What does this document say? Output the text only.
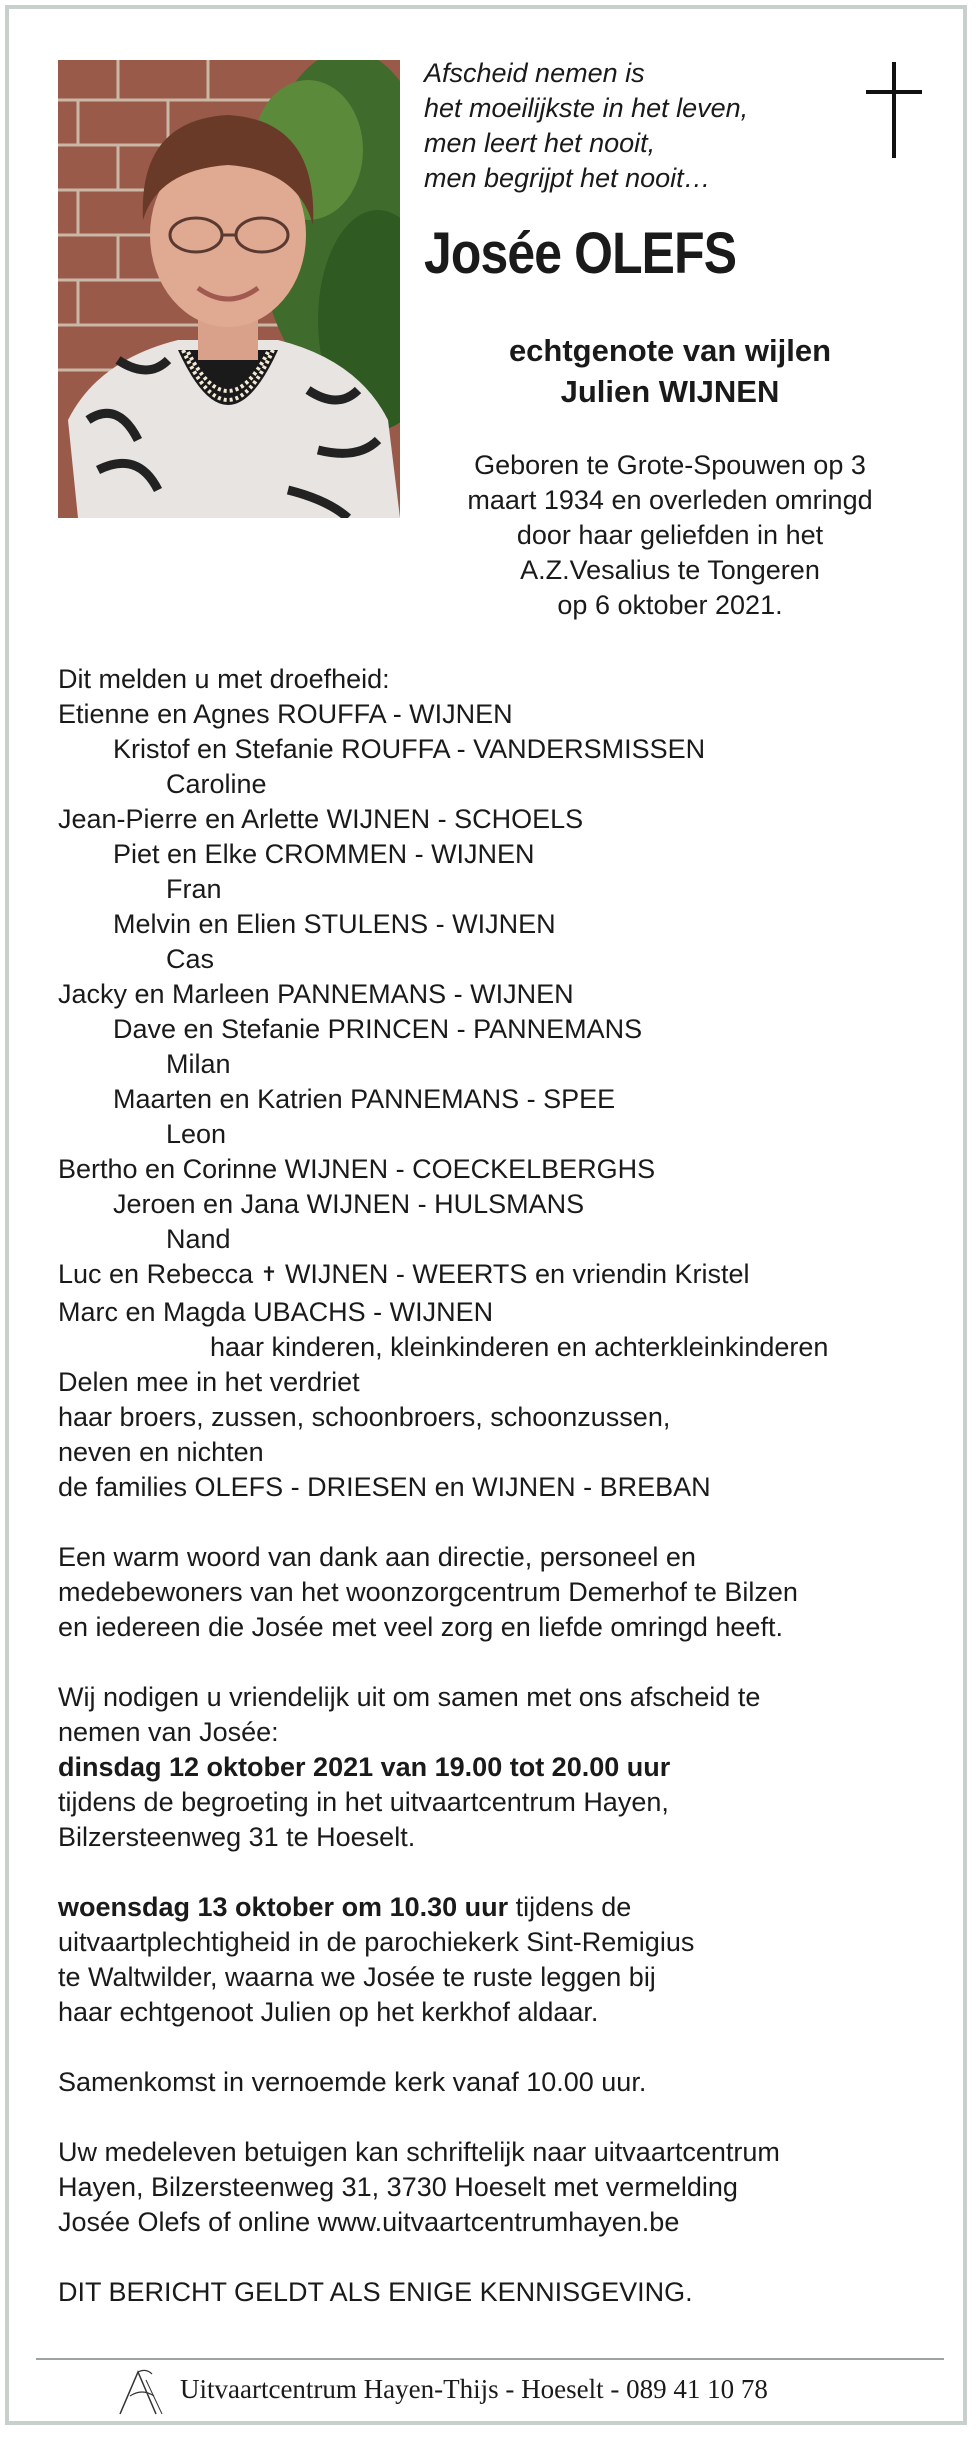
Afscheid nemen is
het moeilijkste in het leven,
men leert het nooit,
men begrijpt het nooit…
Josée OLEFS
echtgenote van wijlen
Julien WIJNEN
Geboren te Grote-Spouwen op 3
maart 1934 en overleden omringd
door haar geliefden in het
A.Z.Vesalius te Tongeren
op 6 oktober 2021.
Dit melden u met droefheid:
Etienne en Agnes ROUFFA - WIJNEN
Kristof en Stefanie ROUFFA - VANDERSMISSEN
Caroline
Jean-Pierre en Arlette WIJNEN - SCHOELS
Piet en Elke CROMMEN - WIJNEN
Fran
Melvin en Elien STULENS - WIJNEN
Cas
Jacky en Marleen PANNEMANS - WIJNEN
Dave en Stefanie PRINCEN - PANNEMANS
Milan
Maarten en Katrien PANNEMANS - SPEE
Leon
Bertho en Corinne WIJNEN - COECKELBERGHS
Jeroen en Jana WIJNEN - HULSMANS
Nand
Luc en Rebecca ✝ WIJNEN - WEERTS en vriendin Kristel
Marc en Magda UBACHS - WIJNEN
haar kinderen, kleinkinderen en achterkleinkinderen
Delen mee in het verdriet
haar broers, zussen, schoonbroers, schoonzussen,
neven en nichten
de families OLEFS - DRIESEN en WIJNEN - BREBAN
Een warm woord van dank aan directie, personeel en
medebewoners van het woonzorgcentrum Demerhof te Bilzen
en iedereen die Josée met veel zorg en liefde omringd heeft.
Wij nodigen u vriendelijk uit om samen met ons afscheid te
nemen van Josée:
dinsdag 12 oktober 2021 van 19.00 tot 20.00 uur
tijdens de begroeting in het uitvaartcentrum Hayen,
Bilzersteenweg 31 te Hoeselt.
woensdag 13 oktober om 10.30 uur tijdens de
uitvaartplechtigheid in de parochiekerk Sint-Remigius
te Waltwilder, waarna we Josée te ruste leggen bij
haar echtgenoot Julien op het kerkhof aldaar.
Samenkomst in vernoemde kerk vanaf 10.00 uur.
Uw medeleven betuigen kan schriftelijk naar uitvaartcentrum
Hayen, Bilzersteenweg 31, 3730 Hoeselt met vermelding
Josée Olefs of online www.uitvaartcentrumhayen.be
DIT BERICHT GELDT ALS ENIGE KENNISGEVING.
Uitvaartcentrum Hayen-Thijs - Hoeselt - 089 41 10 78
